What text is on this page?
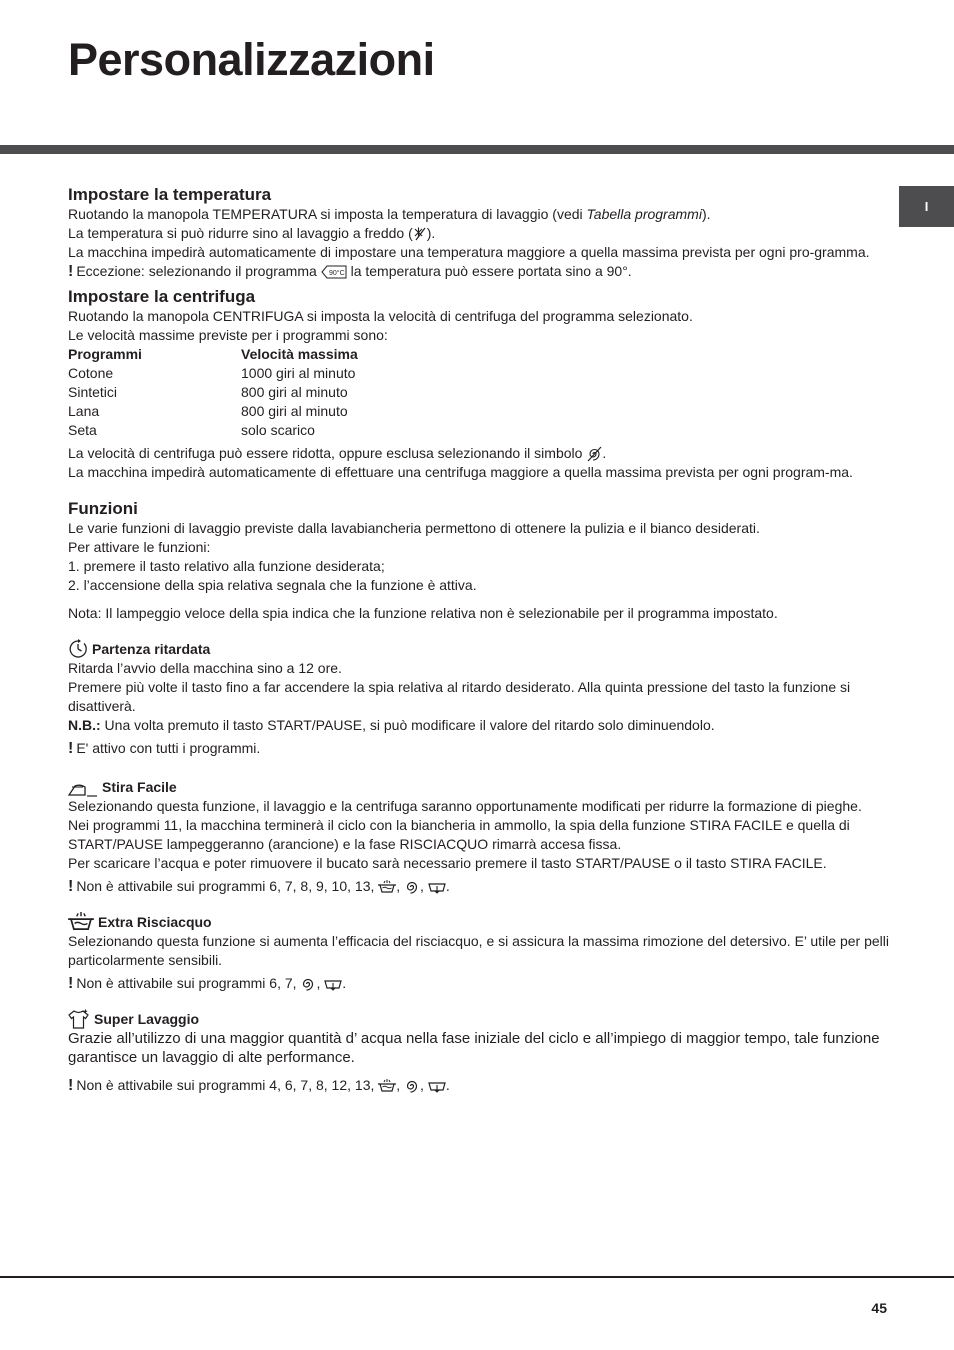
Personalizzazioni
I
Impostare la temperatura

Ruotando la manopola TEMPERATURA si imposta la temperatura di lavaggio (vedi Tabella programmi).

La temperatura si può ridurre sino al lavaggio a freddo ( ).

La macchina impedirà automaticamente di impostare una temperatura maggiore a quella massima prevista per ogni pro-gramma.

! Eccezione: selezionando il programma 90°C la temperatura può essere portata sino a 90°.

Impostare la centrifuga

Ruotando la manopola CENTRIFUGA si imposta la velocità di centrifuga del programma selezionato.

Le velocità massime previste per i programmi sono:

Programmi	Velocità massima
Cotone	1000 giri al minuto
Sintetici	800 giri al minuto
Lana	800 giri al minuto
Seta	solo scarico

La velocità di centrifuga può essere ridotta, oppure esclusa selezionando il simbolo
.

La macchina impedirà automaticamente di effettuare una centrifuga maggiore a quella massima prevista per ogni program-ma.

Funzioni

Le varie funzioni di lavaggio previste dalla lavabiancheria permettono di ottenere la pulizia e il bianco desiderati.

Per attivare le funzioni:

1. premere il tasto relativo alla funzione desiderata;

2. l’accensione della spia relativa segnala che la funzione è attiva.

Nota: Il lampeggio veloce della spia indica che la funzione relativa non è selezionabile per il programma impostato.

Partenza ritardata

Ritarda l’avvio della macchina sino a 12 ore.

Premere più volte il tasto fino a far accendere la spia relativa al ritardo desiderato. Alla quinta pressione del tasto la funzione si disattiverà.

N.B.: Una volta premuto il tasto START/PAUSE, si può modificare il valore del ritardo solo diminuendolo.

! E' attivo con tutti i programmi.

Stira Facile

Selezionando questa funzione, il lavaggio e la centrifuga saranno opportunamente modificati per ridurre la formazione di pieghe.

Nei programmi 11, la macchina terminerà il ciclo con la biancheria in ammollo, la spia della funzione STIRA FACILE e quella di START/PAUSE lampeggeranno (arancione) e la fase RISCIACQUO rimarrà accesa fissa.

Per scaricare l’acqua e poter rimuovere il bucato sarà necessario premere il tasto START/PAUSE o il tasto STIRA FACILE.

! Non è attivabile sui programmi 6, 7, 8, 9, 10, 13,
,
,
.

Extra Risciacquo

Selezionando questa funzione si aumenta l’efficacia del risciacquo, e si assicura la massima rimozione del detersivo. E’ utile per pelli particolarmente sensibili.

! Non è attivabile sui programmi 6, 7,
,
.

Super Lavaggio

Grazie all’utilizzo di una maggior quantità d’ acqua nella fase iniziale del ciclo e all’impiego di maggior tempo, tale funzione garantisce un lavaggio di alte performance.

! Non è attivabile sui programmi 4, 6, 7, 8, 12, 13,
,
,
.

45
